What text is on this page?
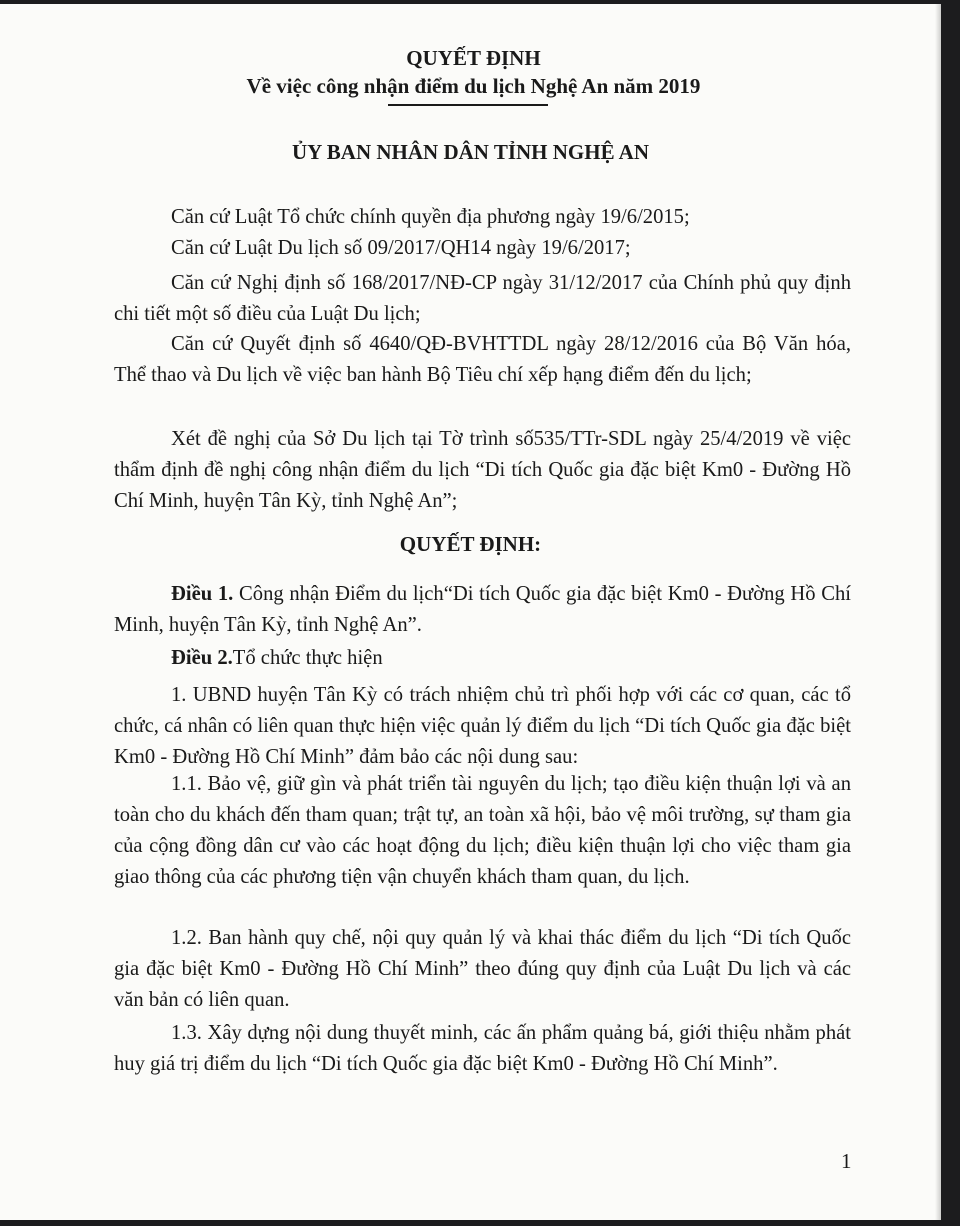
QUYẾT ĐỊNH
Về việc công nhận điểm du lịch Nghệ An năm 2019
ỦY BAN NHÂN DÂN TỈNH NGHỆ AN

Căn cứ Luật Tổ chức chính quyền địa phương ngày 19/6/2015;

Căn cứ Luật Du lịch số 09/2017/QH14 ngày 19/6/2017;

Căn cứ Nghị định số 168/2017/NĐ-CP ngày 31/12/2017 của Chính phủ quy định chi tiết một số điều của Luật Du lịch;

Căn cứ Quyết định số 4640/QĐ-BVHTTDL ngày 28/12/2016 của Bộ Văn hóa, Thể thao và Du lịch về việc ban hành Bộ Tiêu chí xếp hạng điểm đến du lịch;

Xét đề nghị của Sở Du lịch tại Tờ trình số535/TTr-SDL ngày 25/4/2019 về việc thẩm định đề nghị công nhận điểm du lịch “Di tích Quốc gia đặc biệt Km0 - Đường Hồ Chí Minh, huyện Tân Kỳ, tỉnh Nghệ An”;

QUYẾT ĐỊNH:

Điều 1. Công nhận Điểm du lịch“Di tích Quốc gia đặc biệt Km0 - Đường Hồ Chí Minh, huyện Tân Kỳ, tỉnh Nghệ An”.

Điều 2.Tổ chức thực hiện

1. UBND huyện Tân Kỳ có trách nhiệm chủ trì phối hợp với các cơ quan, các tổ chức, cá nhân có liên quan thực hiện việc quản lý điểm du lịch “Di tích Quốc gia đặc biệt Km0 - Đường Hồ Chí Minh” đảm bảo các nội dung sau:

1.1. Bảo vệ, giữ gìn và phát triển tài nguyên du lịch; tạo điều kiện thuận lợi và an toàn cho du khách đến tham quan; trật tự, an toàn xã hội, bảo vệ môi trường, sự tham gia của cộng đồng dân cư vào các hoạt động du lịch; điều kiện thuận lợi cho việc tham gia giao thông của các phương tiện vận chuyển khách tham quan, du lịch.

1.2. Ban hành quy chế, nội quy quản lý và khai thác điểm du lịch “Di tích Quốc gia đặc biệt Km0 - Đường Hồ Chí Minh” theo đúng quy định của Luật Du lịch và các văn bản có liên quan.

1.3. Xây dựng nội dung thuyết minh, các ấn phẩm quảng bá, giới thiệu nhằm phát huy giá trị điểm du lịch “Di tích Quốc gia đặc biệt Km0 - Đường Hồ Chí Minh”.

1
